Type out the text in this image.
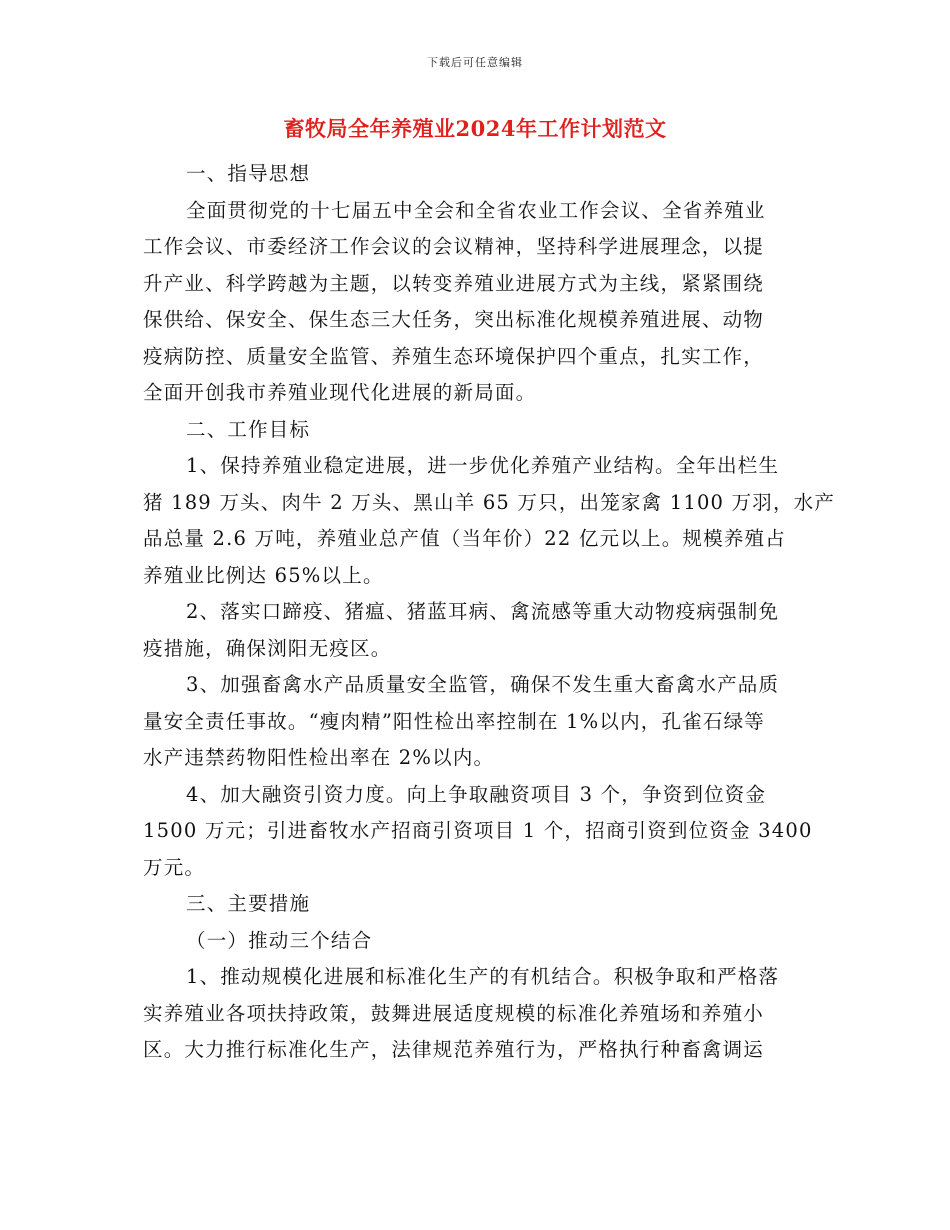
下载后可任意编辑
畜牧局全年养殖业2024年工作计划范文
一、指导思想
全面贯彻党的十七届五中全会和全省农业工作会议、全省养殖业
工作会议、市委经济工作会议的会议精神，坚持科学进展理念，以提
升产业、科学跨越为主题，以转变养殖业进展方式为主线，紧紧围绕
保供给、保安全、保生态三大任务，突出标准化规模养殖进展、动物
疫病防控、质量安全监管、养殖生态环境保护四个重点，扎实工作，
全面开创我市养殖业现代化进展的新局面。
二、工作目标
1、保持养殖业稳定进展，进一步优化养殖产业结构。全年出栏生
猪 189 万头、肉牛 2 万头、黑山羊 65 万只，出笼家禽 1100 万羽，水产
品总量 2.6 万吨，养殖业总产值（当年价）22 亿元以上。规模养殖占
养殖业比例达 65%以上。
2、落实口蹄疫、猪瘟、猪蓝耳病、禽流感等重大动物疫病强制免
疫措施，确保浏阳无疫区。
3、加强畜禽水产品质量安全监管，确保不发生重大畜禽水产品质
量安全责任事故。“瘦肉精”阳性检出率控制在 1%以内，孔雀石绿等
水产违禁药物阳性检出率在 2%以内。
4、加大融资引资力度。向上争取融资项目 3 个，争资到位资金
1500 万元；引进畜牧水产招商引资项目 1 个，招商引资到位资金 3400
万元。
三、主要措施
（一）推动三个结合
1、推动规模化进展和标准化生产的有机结合。积极争取和严格落
实养殖业各项扶持政策，鼓舞进展适度规模的标准化养殖场和养殖小
区。大力推行标准化生产，法律规范养殖行为，严格执行种畜禽调运
